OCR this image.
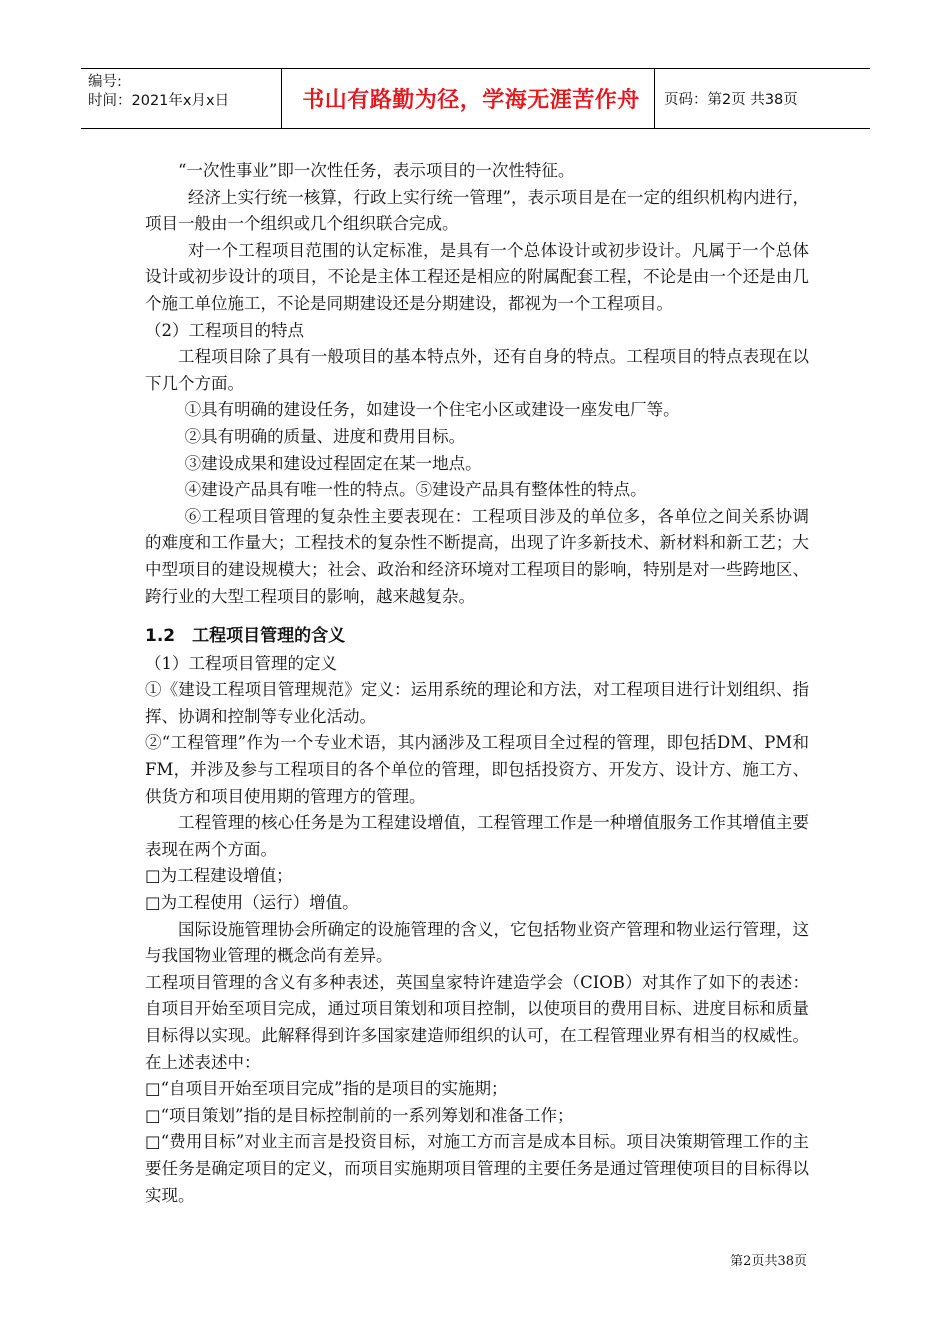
编号:
时间：2021年x月x日	书山有路勤为径，学海无涯苦作舟 页码：第2页 共38页

“一次性事业”即一次性任务，表示项目的一次性特征。

经济上实行统一核算，行政上实行统一管理”，表示项目是在一定的组织机构内进行，项目一般由一个组织或几个组织联合完成。

对一个工程项目范围的认定标准，是具有一个总体设计或初步设计。凡属于一个总体设计或初步设计的项目，不论是主体工程还是相应的附属配套工程，不论是由一个还是由几个施工单位施工，不论是同期建设还是分期建设，都视为一个工程项目。

（2）工程项目的特点

工程项目除了具有一般项目的基本特点外，还有自身的特点。工程项目的特点表现在以下几个方面。

①具有明确的建设任务，如建设一个住宅小区或建设一座发电厂等。

②具有明确的质量、进度和费用目标。

③建设成果和建设过程固定在某一地点。

④建设产品具有唯一性的特点。⑤建设产品具有整体性的特点。

⑥工程项目管理的复杂性主要表现在：工程项目涉及的单位多，各单位之间关系协调的难度和工作量大；工程技术的复杂性不断提高，出现了许多新技术、新材料和新工艺；大中型项目的建设规模大；社会、政治和经济环境对工程项目的影响，特别是对一些跨地区、跨行业的大型工程项目的影响，越来越复杂。

1.2　工程项目管理的含义

（1）工程项目管理的定义

①《建设工程项目管理规范》定义：运用系统的理论和方法，对工程项目进行计划组织、指挥、协调和控制等专业化活动。

②“工程管理”作为一个专业术语，其内涵涉及工程项目全过程的管理，即包括DM、PM和FM，并涉及参与工程项目的各个单位的管理，即包括投资方、开发方、设计方、施工方、供货方和项目使用期的管理方的管理。

工程管理的核心任务是为工程建设增值，工程管理工作是一种增值服务工作其增值主要表现在两个方面。

□为工程建设增值；

□为工程使用（运行）增值。

国际设施管理协会所确定的设施管理的含义，它包括物业资产管理和物业运行管理，这与我国物业管理的概念尚有差异。

工程项目管理的含义有多种表述，英国皇家特许建造学会（CIOB）对其作了如下的表述：自项目开始至项目完成，通过项目策划和项目控制，以使项目的费用目标、进度目标和质量目标得以实现。此解释得到许多国家建造师组织的认可，在工程管理业界有相当的权威性。在上述表述中：

□“自项目开始至项目完成”指的是项目的实施期；

□“项目策划”指的是目标控制前的一系列筹划和准备工作；

□“费用目标”对业主而言是投资目标，对施工方而言是成本目标。项目决策期管理工作的主要任务是确定项目的定义，而项目实施期项目管理的主要任务是通过管理使项目的目标得以实现。

第2页共38页
